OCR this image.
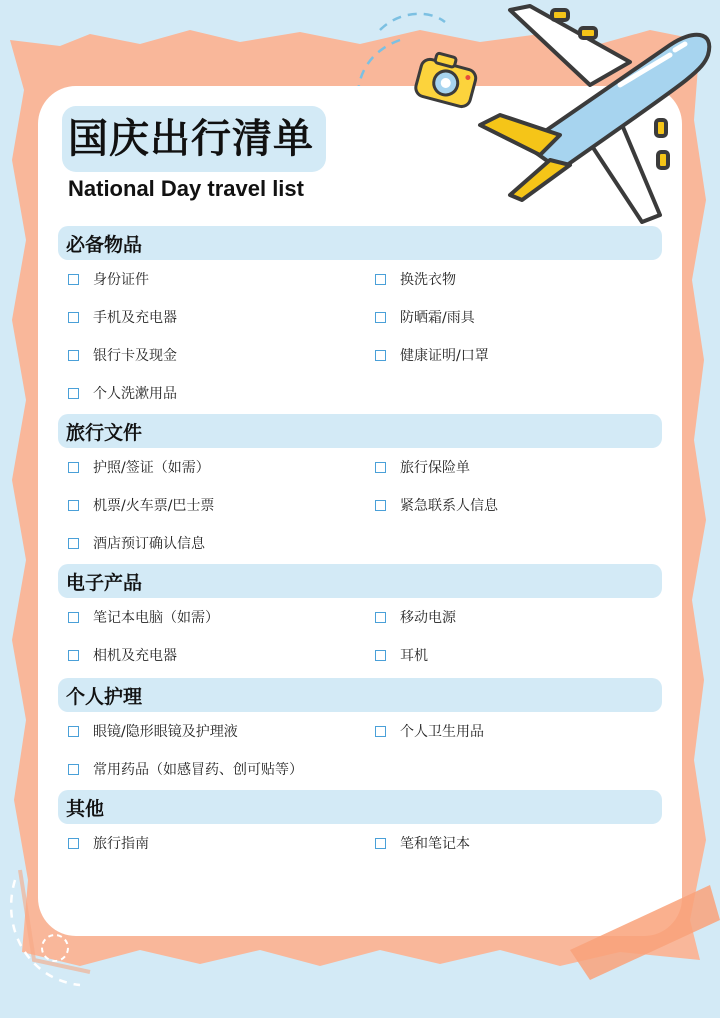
国庆出行清单
National Day travel list
必备物品
身份证件	换洗衣物
手机及充电器	防晒霜/雨具
银行卡及现金	健康证明/口罩
个人洗漱用品
旅行文件
护照/签证（如需）	旅行保险单
机票/火车票/巴士票	紧急联系人信息
酒店预订确认信息
电子产品
笔记本电脑（如需）	移动电源
相机及充电器	耳机
个人护理
眼镜/隐形眼镜及护理液	个人卫生用品
常用药品（如感冒药、创可贴等）
其他
旅行指南	笔和笔记本
